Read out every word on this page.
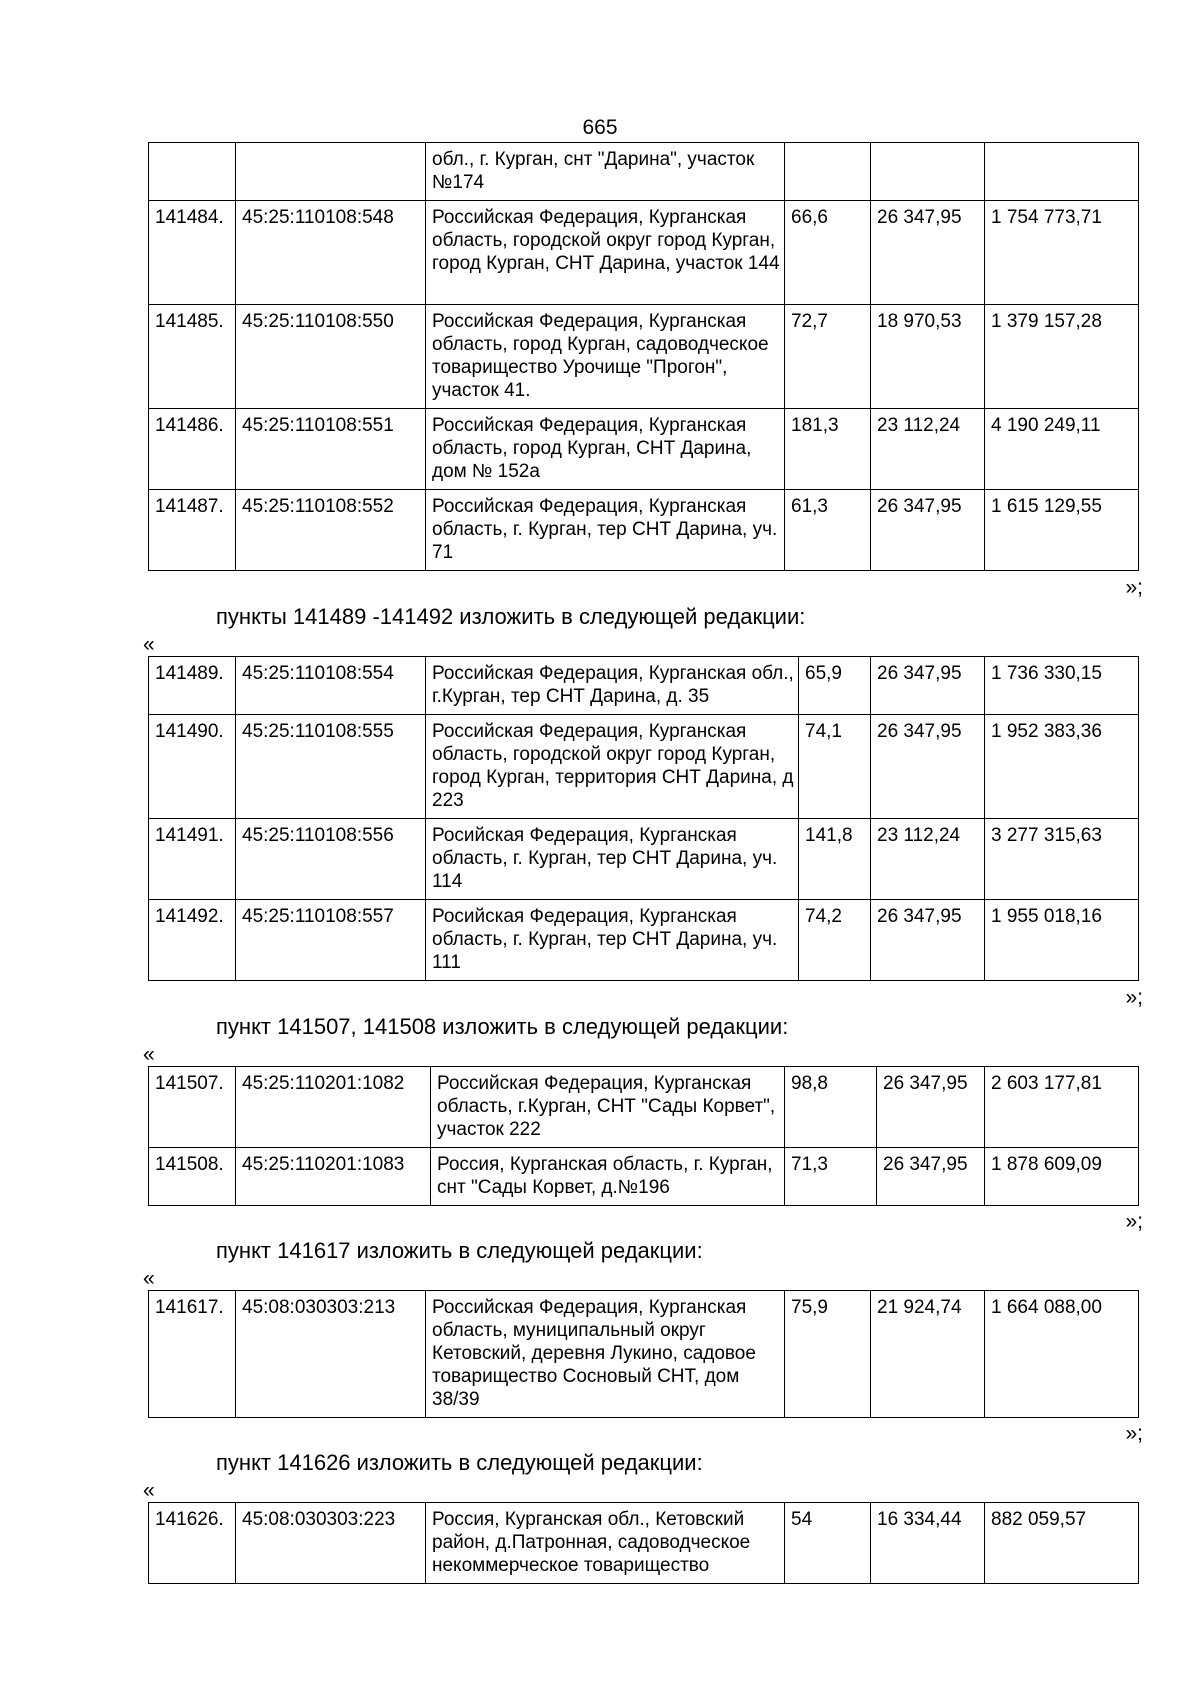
665
		обл., г. Курган, снт "Дарина", участок №174			
141484.	45:25:110108:548	Российская Федерация, Курганская область, городской округ город Курган, город Курган, СНТ Дарина, участок 144	66,6	26 347,95	1 754 773,71
141485.	45:25:110108:550	Российская Федерация, Курганская область, город Курган, садоводческое товарищество Урочище "Прогон", участок 41.	72,7	18 970,53	1 379 157,28
141486.	45:25:110108:551	Российская Федерация, Курганская область, город Курган, СНТ Дарина, дом № 152а	181,3	23 112,24	4 190 249,11
141487.	45:25:110108:552	Российская Федерация, Курганская область, г. Курган, тер СНТ Дарина, уч. 71	61,3	26 347,95	1 615 129,55
»;
пункты 141489 -141492 изложить в следующей редакции:
«
141489.	45:25:110108:554	Российская Федерация, Курганская обл., г.Курган, тер СНТ Дарина, д. 35	65,9	26 347,95	1 736 330,15
141490.	45:25:110108:555	Российская Федерация, Курганская область, городской округ город Курган, город Курган, территория СНТ Дарина, д 223	74,1	26 347,95	1 952 383,36
141491.	45:25:110108:556	Росийская Федерация, Курганская область, г. Курган, тер СНТ Дарина, уч. 114	141,8	23 112,24	3 277 315,63
141492.	45:25:110108:557	Росийская Федерация, Курганская область, г. Курган, тер СНТ Дарина, уч. 111	74,2	26 347,95	1 955 018,16
»;
пункт 141507, 141508 изложить в следующей редакции:
«
141507.	45:25:110201:1082	Российская Федерация, Курганская область, г.Курган, СНТ "Сады Корвет", участок 222	98,8	26 347,95	2 603 177,81
141508.	45:25:110201:1083	Россия, Курганская область, г. Курган, снт "Сады Корвет, д.№196	71,3	26 347,95	1 878 609,09
»;
пункт 141617 изложить в следующей редакции:
«
141617.	45:08:030303:213	Российская Федерация, Курганская область, муниципальный округ Кетовский, деревня Лукино, садовое товарищество Сосновый СНТ, дом 38/39	75,9	21 924,74	1 664 088,00
»;
пункт 141626 изложить в следующей редакции:
«
141626.	45:08:030303:223	Россия, Курганская обл., Кетовский район, д.Патронная, садоводческое некоммерческое товарищество	54	16 334,44	882 059,57
